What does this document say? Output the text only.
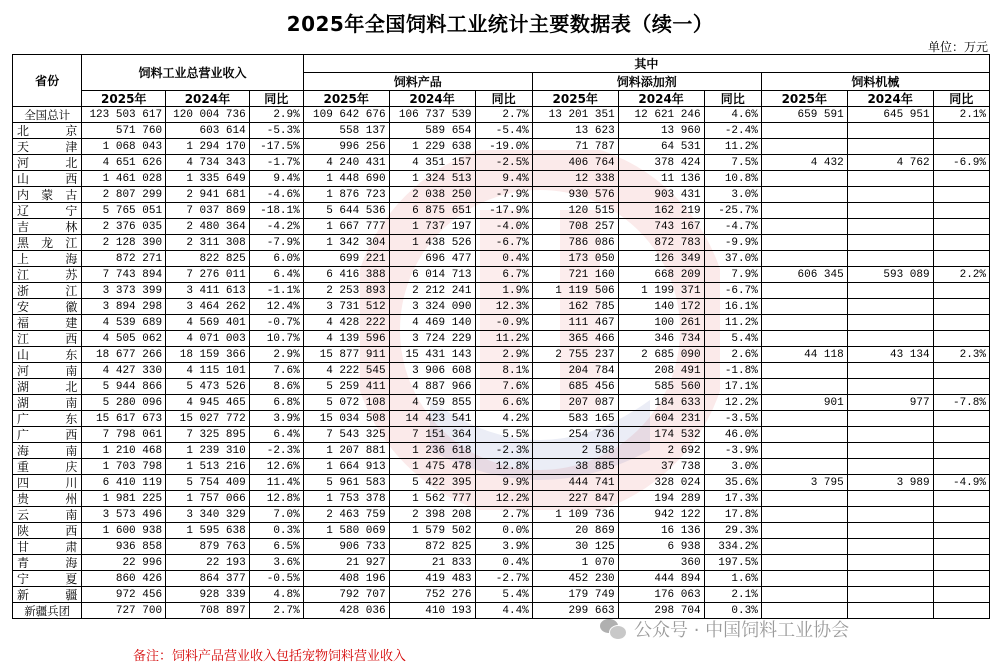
2025年全国饲料工业统计主要数据表（续一）
单位：万元
省份	饲料工业总营业收入			其中								
				饲料产品			饲料添加剂			饲料机械		
	2025年	2024年	同比	2025年	2024年	同比	2025年	2024年	同比	2025年	2024年	同比
全国总计	123 503 617	120 004 736	2.9%	109 642 676	106 737 539	2.7%	13 201 351	12 621 246	4.6%	659 591	645 951	2.1%
北　京	571 760	603 614	-5.3%	558 137	589 654	-5.4%	13 623	13 960	-2.4%			
天　津	1 068 043	1 294 170	-17.5%	996 256	1 229 638	-19.0%	71 787	64 531	11.2%			
河　北	4 651 626	4 734 343	-1.7%	4 240 431	4 351 157	-2.5%	406 764	378 424	7.5%	4 432	4 762	-6.9%
山　西	1 461 028	1 335 649	9.4%	1 448 690	1 324 513	9.4%	12 338	11 136	10.8%			
内蒙古	2 807 299	2 941 681	-4.6%	1 876 723	2 038 250	-7.9%	930 576	903 431	3.0%			
辽　宁	5 765 051	7 037 869	-18.1%	5 644 536	6 875 651	-17.9%	120 515	162 219	-25.7%			
吉　林	2 376 035	2 480 364	-4.2%	1 667 777	1 737 197	-4.0%	708 257	743 167	-4.7%			
黑龙江	2 128 390	2 311 308	-7.9%	1 342 304	1 438 526	-6.7%	786 086	872 783	-9.9%			
上　海	872 271	822 825	6.0%	699 221	696 477	0.4%	173 050	126 349	37.0%			
江　苏	7 743 894	7 276 011	6.4%	6 416 388	6 014 713	6.7%	721 160	668 209	7.9%	606 345	593 089	2.2%
浙　江	3 373 399	3 411 613	-1.1%	2 253 893	2 212 241	1.9%	1 119 506	1 199 371	-6.7%			
安　徽	3 894 298	3 464 262	12.4%	3 731 512	3 324 090	12.3%	162 785	140 172	16.1%			
福　建	4 539 689	4 569 401	-0.7%	4 428 222	4 469 140	-0.9%	111 467	100 261	11.2%			
江　西	4 505 062	4 071 003	10.7%	4 139 596	3 724 229	11.2%	365 466	346 734	5.4%			
山　东	18 677 266	18 159 366	2.9%	15 877 911	15 431 143	2.9%	2 755 237	2 685 090	2.6%	44 118	43 134	2.3%
河　南	4 427 330	4 115 101	7.6%	4 222 545	3 906 608	8.1%	204 784	208 491	-1.8%			
湖　北	5 944 866	5 473 526	8.6%	5 259 411	4 887 966	7.6%	685 456	585 560	17.1%			
湖　南	5 280 096	4 945 465	6.8%	5 072 108	4 759 855	6.6%	207 087	184 633	12.2%	901	977	-7.8%
广　东	15 617 673	15 027 772	3.9%	15 034 508	14 423 541	4.2%	583 165	604 231	-3.5%			
广　西	7 798 061	7 325 895	6.4%	7 543 325	7 151 364	5.5%	254 736	174 532	46.0%			
海　南	1 210 468	1 239 310	-2.3%	1 207 881	1 236 618	-2.3%	2 588	2 692	-3.9%			
重　庆	1 703 798	1 513 216	12.6%	1 664 913	1 475 478	12.8%	38 885	37 738	3.0%			
四　川	6 410 119	5 754 409	11.4%	5 961 583	5 422 395	9.9%	444 741	328 024	35.6%	3 795	3 989	-4.9%
贵　州	1 981 225	1 757 066	12.8%	1 753 378	1 562 777	12.2%	227 847	194 289	17.3%			
云　南	3 573 496	3 340 329	7.0%	2 463 759	2 398 208	2.7%	1 109 736	942 122	17.8%			
陕　西	1 600 938	1 595 638	0.3%	1 580 069	1 579 502	0.0%	20 869	16 136	29.3%			
甘　肃	936 858	879 763	6.5%	906 733	872 825	3.9%	30 125	6 938	334.2%			
青　海	22 996	22 193	3.6%	21 927	21 833	0.4%	1 070	360	197.5%			
宁　夏	860 426	864 377	-0.5%	408 196	419 483	-2.7%	452 230	444 894	1.6%			
新　疆	972 456	928 339	4.8%	792 707	752 276	5.4%	179 749	176 063	2.1%			
新疆兵团	727 700	708 897	2.7%	428 036	410 193	4.4%	299 663	298 704	0.3%			
公众号 · 中国饲料工业协会
备注：饲料产品营业收入包括宠物饲料营业收入
